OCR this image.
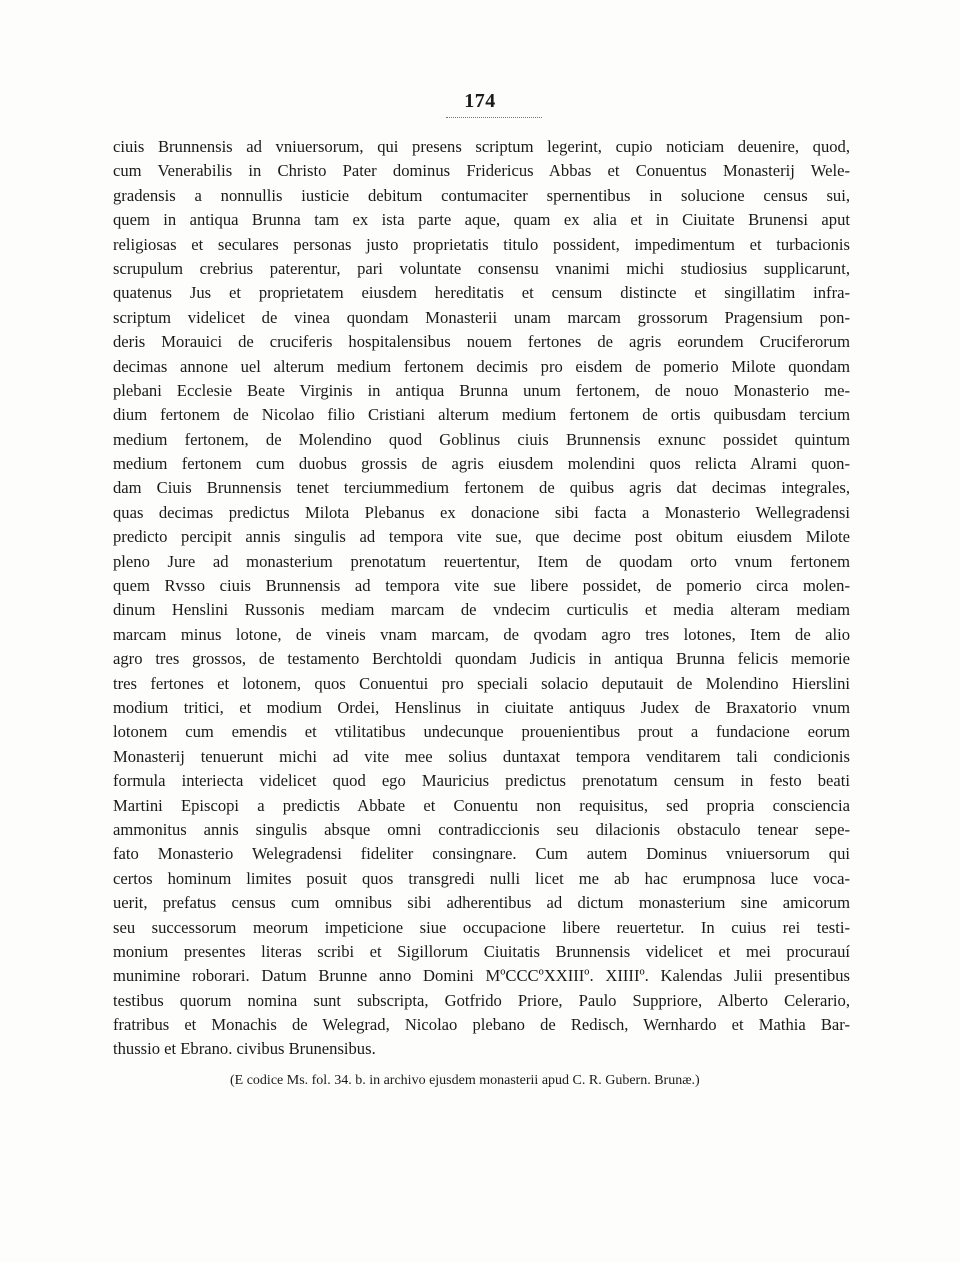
174
ciuis Brunnensis ad vniuersorum, qui presens scriptum legerint, cupio noticiam deuenire, quod,
cum Venerabilis in Christo Pater dominus Fridericus Abbas et Conuentus Monasterij Wele-
gradensis a nonnullis iusticie debitum contumaciter spernentibus in solucione census sui,
quem in antiqua Brunna tam ex ista parte aque, quam ex alia et in Ciuitate Brunensi aput
religiosas et seculares personas justo proprietatis titulo possident, impedimentum et turbacionis
scrupulum crebrius paterentur, pari voluntate consensu vnanimi michi studiosius supplicarunt,
quatenus Jus et proprietatem eiusdem hereditatis et censum distincte et singillatim infra-
scriptum videlicet de vinea quondam Monasterii unam marcam grossorum Pragensium pon-
deris Morauici de cruciferis hospitalensibus nouem fertones de agris eorundem Cruciferorum
decimas annone uel alterum medium fertonem decimis pro eisdem de pomerio Milote quondam
plebani Ecclesie Beate Virginis in antiqua Brunna unum fertonem, de nouo Monasterio me-
dium fertonem de Nicolao filio Cristiani alterum medium fertonem de ortis quibusdam tercium
medium fertonem, de Molendino quod Goblinus ciuis Brunnensis exnunc possidet quintum
medium fertonem cum duobus grossis de agris eiusdem molendini quos relicta Alrami quon-
dam Ciuis Brunnensis tenet terciummedium fertonem de quibus agris dat decimas integrales,
quas decimas predictus Milota Plebanus ex donacione sibi facta a Monasterio Wellegradensi
predicto percipit annis singulis ad tempora vite sue, que decime post obitum eiusdem Milote
pleno Jure ad monasterium prenotatum reuertentur, Item de quodam orto vnum fertonem
quem Rvsso ciuis Brunnensis ad tempora vite sue libere possidet, de pomerio circa molen-
dinum Henslini Russonis mediam marcam de vndecim curticulis et media alteram mediam
marcam minus lotone, de vineis vnam marcam, de qvodam agro tres lotones, Item de alio
agro tres grossos, de testamento Berchtoldi quondam Judicis in antiqua Brunna felicis memorie
tres fertones et lotonem, quos Conuentui pro speciali solacio deputauit de Molendino Hierslini
modium tritici, et modium Ordei, Henslinus in ciuitate antiquus Judex de Braxatorio vnum
lotonem cum emendis et vtilitatibus undecunque prouenientibus prout a fundacione eorum
Monasterij tenuerunt michi ad vite mee solius duntaxat tempora venditarem tali condicionis
formula interiecta videlicet quod ego Mauricius predictus prenotatum censum in festo beati
Martini Episcopi a predictis Abbate et Conuentu non requisitus, sed propria consciencia
ammonitus annis singulis absque omni contradiccionis seu dilacionis obstaculo tenear sepe-
fato Monasterio Welegradensi fideliter consingnare. Cum autem Dominus vniuersorum qui
certos hominum limites posuit quos transgredi nulli licet me ab hac erumpnosa luce voca-
uerit, prefatus census cum omnibus sibi adherentibus ad dictum monasterium sine amicorum
seu successorum meorum impeticione siue occupacione libere reuertetur. In cuius rei testi-
monium presentes literas scribi et Sigillorum Ciuitatis Brunnensis videlicet et mei procurauí
munimine roborari. Datum Brunne anno Domini MºCCCºXXIIIº. XIIIIº. Kalendas Julii presentibus
testibus quorum nomina sunt subscripta, Gotfrido Priore, Paulo Suppriore, Alberto Celerario,
fratribus et Monachis de Welegrad, Nicolao plebano de Redisch, Wernhardo et Mathia Bar-
thussio et Ebrano. civibus Brunensibus.
(E codice Ms. fol. 34. b. in archivo ejusdem monasterii apud C. R. Gubern. Brunæ.)
